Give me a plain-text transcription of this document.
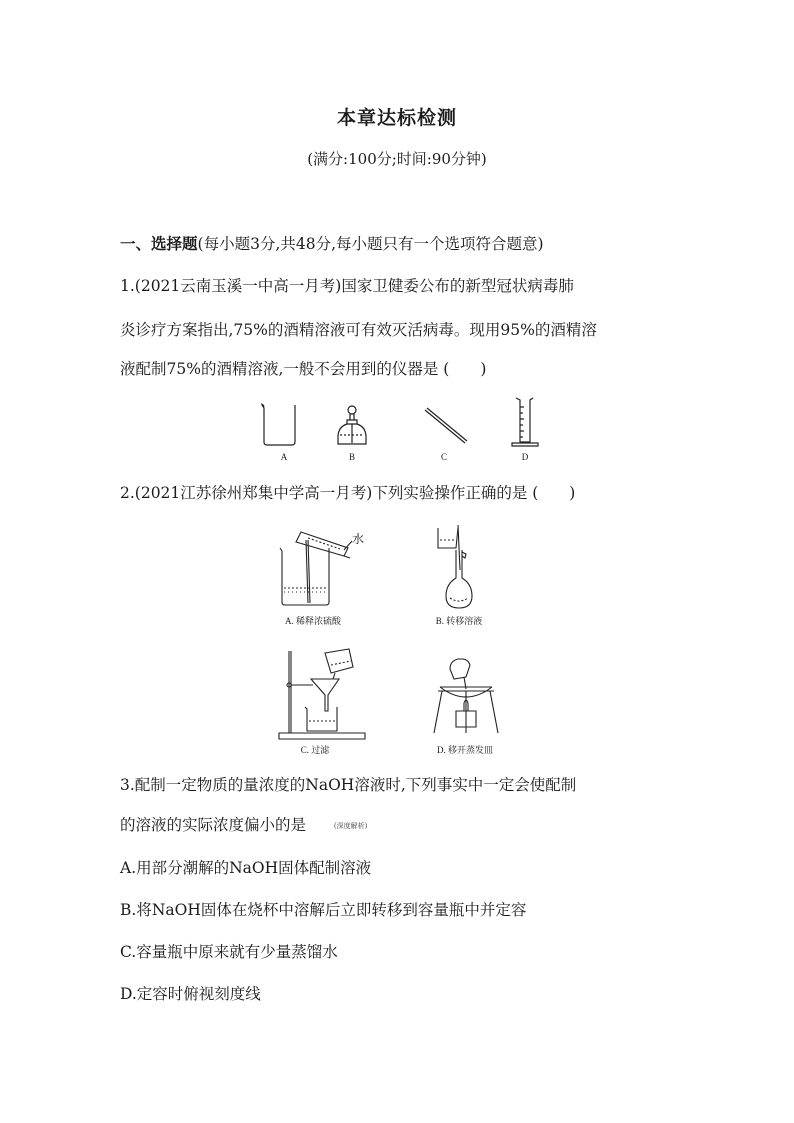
本章达标检测
(满分:100分;时间:90分钟)
一、选择题(每小题3分,共48分,每小题只有一个选项符合题意)
1.(2021云南玉溪一中高一月考)国家卫健委公布的新型冠状病毒肺
炎诊疗方案指出,75%的酒精溶液可有效灭活病毒。现用95%的酒精溶
液配制75%的酒精溶液,一般不会用到的仪器是 (　　)
A	B	C	D
2.(2021江苏徐州郑集中学高一月考)下列实验操作正确的是 (　　)
水
A. 稀释浓硫酸	B. 转移溶液
C. 过滤	D. 移开蒸发皿
3.配制一定物质的量浓度的NaOH溶液时,下列事实中一定会使配制
的溶液的实际浓度偏小的是	(深度解析)
A.用部分潮解的NaOH固体配制溶液
B.将NaOH固体在烧杯中溶解后立即转移到容量瓶中并定容
C.容量瓶中原来就有少量蒸馏水
D.定容时俯视刻度线
